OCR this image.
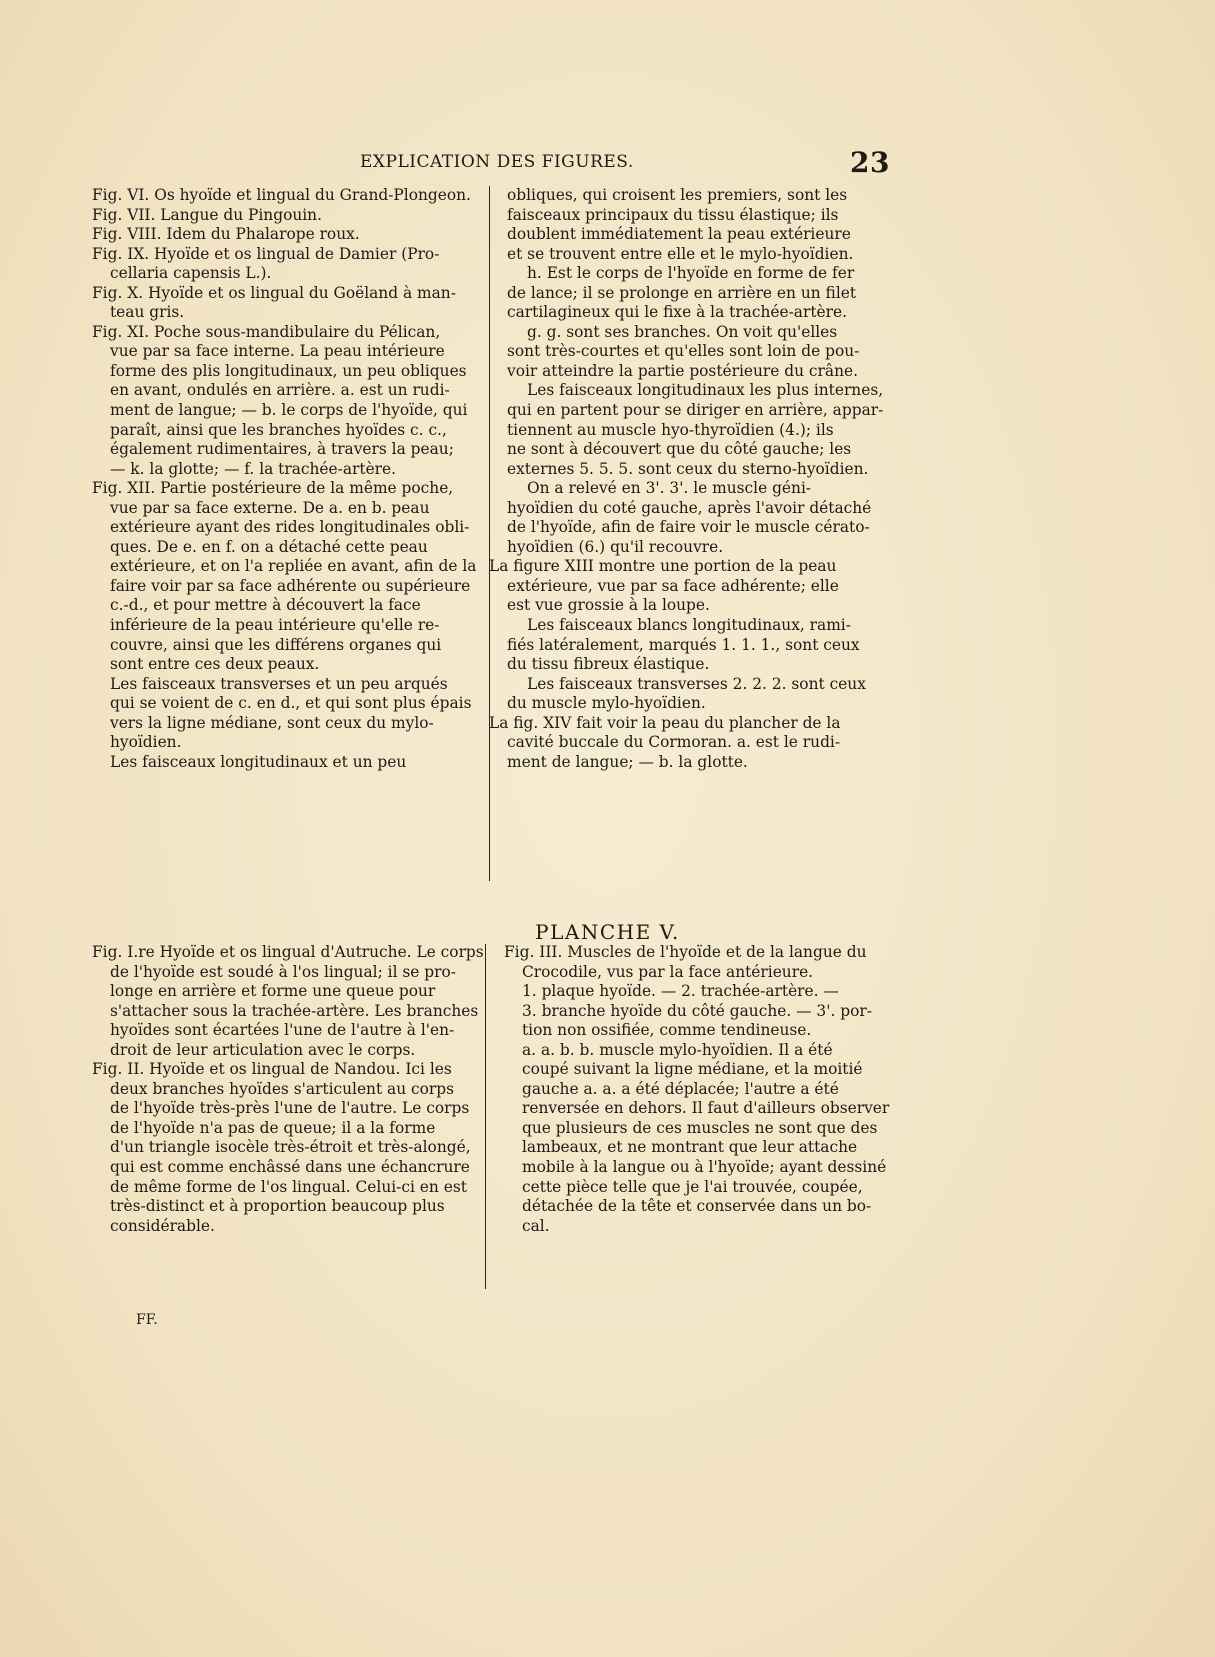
EXPLICATION DES FIGURES.	23

Fig. VI. Os hyoïde et lingual du Grand-Plongeon.

Fig. VII. Langue du Pingouin.

Fig. VIII. Idem du Phalarope roux.

Fig. IX. Hyoïde et os lingual de Damier (Pro-

cellaria capensis L.).

Fig. X. Hyoïde et os lingual du Goëland à man-

teau gris.

Fig. XI. Poche sous-mandibulaire du Pélican,

vue par sa face interne. La peau intérieure

forme des plis longitudinaux, un peu obliques

en avant, ondulés en arrière. a. est un rudi-

ment de langue; — b. le corps de l'hyoïde, qui

paraît, ainsi que les branches hyoïdes c. c.,

également rudimentaires, à travers la peau;

— k. la glotte; — f. la trachée-artère.

Fig. XII. Partie postérieure de la même poche,

vue par sa face externe. De a. en b. peau

extérieure ayant des rides longitudinales obli-

ques. De e. en f. on a détaché cette peau

extérieure, et on l'a repliée en avant, afin de la

faire voir par sa face adhérente ou supérieure

c.-d., et pour mettre à découvert la face

inférieure de la peau intérieure qu'elle re-

couvre, ainsi que les différens organes qui

sont entre ces deux peaux.

Les faisceaux transverses et un peu arqués

qui se voient de c. en d., et qui sont plus épais

vers la ligne médiane, sont ceux du mylo-

hyoïdien.

Les faisceaux longitudinaux et un peu

obliques, qui croisent les premiers, sont les

faisceaux principaux du tissu élastique; ils

doublent immédiatement la peau extérieure

et se trouvent entre elle et le mylo-hyoïdien.

h. Est le corps de l'hyoïde en forme de fer

de lance; il se prolonge en arrière en un filet

cartilagineux qui le fixe à la trachée-artère.

g. g. sont ses branches. On voit qu'elles

sont très-courtes et qu'elles sont loin de pou-

voir atteindre la partie postérieure du crâne.

Les faisceaux longitudinaux les plus internes,

qui en partent pour se diriger en arrière, appar-

tiennent au muscle hyo-thyroïdien (4.); ils

ne sont à découvert que du côté gauche; les

externes 5. 5. 5. sont ceux du sterno-hyoïdien.

On a relevé en 3'. 3'. le muscle géni-

hyoïdien du coté gauche, après l'avoir détaché

de l'hyoïde, afin de faire voir le muscle cérato-

hyoïdien (6.) qu'il recouvre.

La figure XIII montre une portion de la peau

extérieure, vue par sa face adhérente; elle

est vue grossie à la loupe.

Les faisceaux blancs longitudinaux, rami-

fiés latéralement, marqués 1. 1. 1., sont ceux

du tissu fibreux élastique.

Les faisceaux transverses 2. 2. 2. sont ceux

du muscle mylo-hyoïdien.

La fig. XIV fait voir la peau du plancher de la

cavité buccale du Cormoran. a. est le rudi-

ment de langue; — b. la glotte.

PLANCHE V.

Fig. I.re Hyoïde et os lingual d'Autruche. Le corps

de l'hyoïde est soudé à l'os lingual; il se pro-

longe en arrière et forme une queue pour

s'attacher sous la trachée-artère. Les branches

hyoïdes sont écartées l'une de l'autre à l'en-

droit de leur articulation avec le corps.

Fig. II. Hyoïde et os lingual de Nandou. Ici les

deux branches hyoïdes s'articulent au corps

de l'hyoïde très-près l'une de l'autre. Le corps

de l'hyoïde n'a pas de queue; il a la forme

d'un triangle isocèle très-étroit et très-alongé,

qui est comme enchâssé dans une échancrure

de même forme de l'os lingual. Celui-ci en est

très-distinct et à proportion beaucoup plus

considérable.

Fig. III. Muscles de l'hyoïde et de la langue du

Crocodile, vus par la face antérieure.

1. plaque hyoïde. — 2. trachée-artère. —

3. branche hyoïde du côté gauche. — 3'. por-

tion non ossifiée, comme tendineuse.

a. a. b. b. muscle mylo-hyoïdien. Il a été

coupé suivant la ligne médiane, et la moitié

gauche a. a. a été déplacée; l'autre a été

renversée en dehors. Il faut d'ailleurs observer

que plusieurs de ces muscles ne sont que des

lambeaux, et ne montrant que leur attache

mobile à la langue ou à l'hyoïde; ayant dessiné

cette pièce telle que je l'ai trouvée, coupée,

détachée de la tête et conservée dans un bo-

cal.

FF.
